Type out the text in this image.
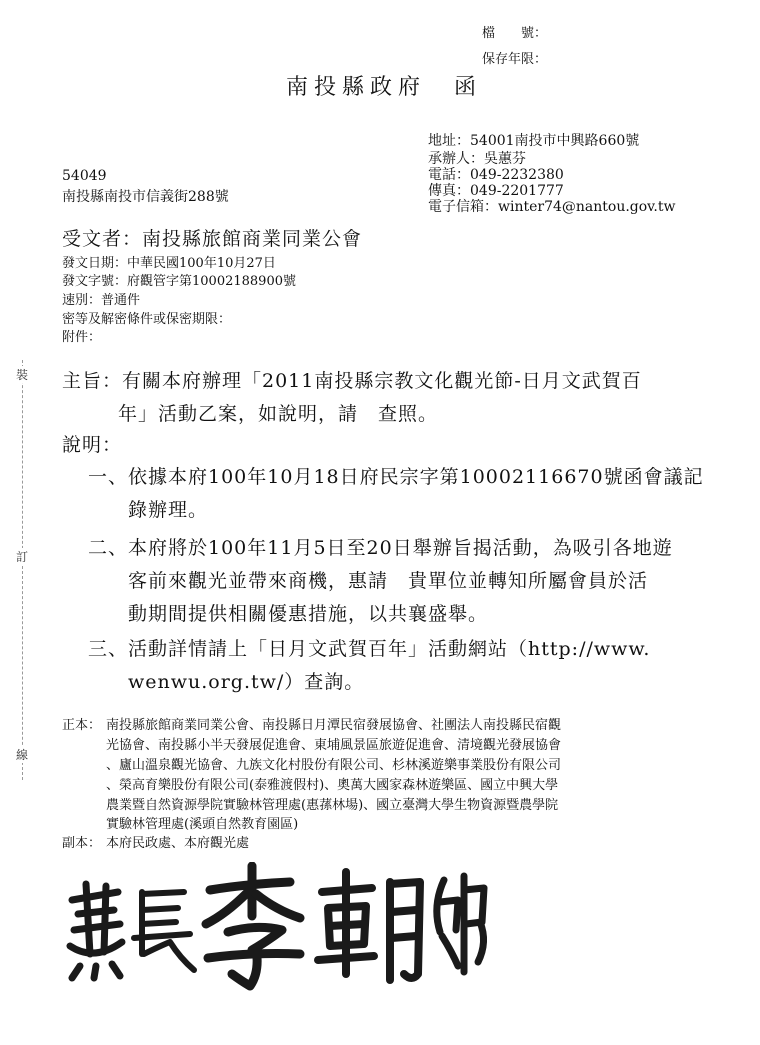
裝
訂
線
檔　　號：
保存年限：
南投縣政府　函
地址：54001南投市中興路660號
承辦人：吳蕙芬
電話：049-2232380
傳真：049-2201777
電子信箱：winter74@nantou.gov.tw
54049
南投縣南投市信義街288號
受文者：南投縣旅館商業同業公會
發文日期：中華民國100年10月27日
發文字號：府觀管字第10002188900號
速別：普通件
密等及解密條件或保密期限：
附件：
主旨：有關本府辦理「2011南投縣宗教文化觀光節-日月文武賀百
年」活動乙案，如說明，請　查照。
說明：
一、依據本府100年10月18日府民宗字第10002116670號函會議記
錄辦理。
二、本府將於100年11月5日至20日舉辦旨揭活動，為吸引各地遊
客前來觀光並帶來商機，惠請　貴單位並轉知所屬會員於活
動期間提供相關優惠措施，以共襄盛舉。
三、活動詳情請上「日月文武賀百年」活動網站（http://www.
wenwu.org.tw/）查詢。
正本： 南投縣旅館商業同業公會、南投縣日月潭民宿發展協會、社團法人南投縣民宿觀
光協會、南投縣小半天發展促進會、東埔風景區旅遊促進會、清境觀光發展協會
、廬山溫泉觀光協會、九族文化村股份有限公司、杉林溪遊樂事業股份有限公司
、榮高育樂股份有限公司(泰雅渡假村)、奧萬大國家森林遊樂區、國立中興大學
農業暨自然資源學院實驗林管理處(惠蓀林場)、國立臺灣大學生物資源暨農學院
實驗林管理處(溪頭自然教育園區)
副本： 本府民政處、本府觀光處
